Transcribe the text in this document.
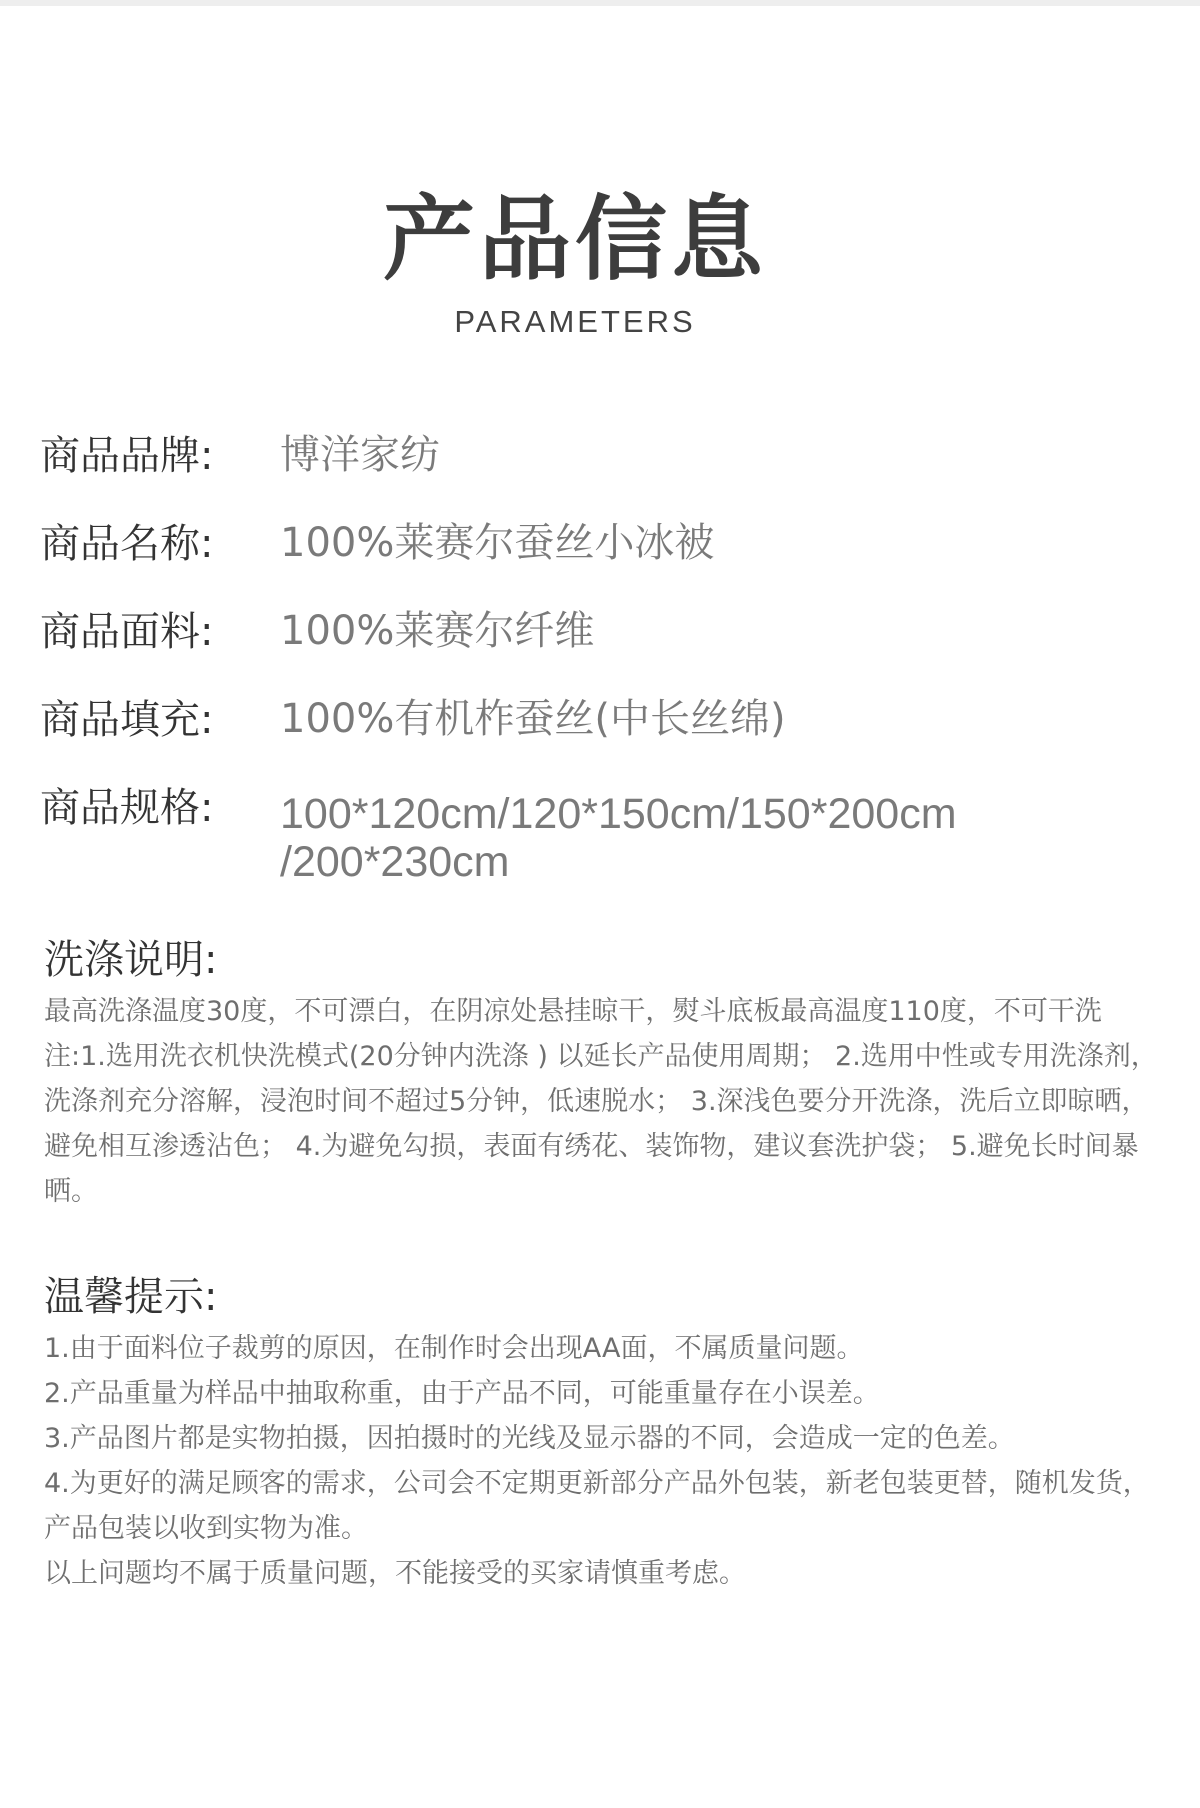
产品信息
PARAMETERS
商品品牌:	博洋家纺
商品名称:	100%莱赛尔蚕丝小冰被
商品面料:	100%莱赛尔纤维
商品填充:	100%有机柞蚕丝(中长丝绵)
商品规格:	100*120cm/120*150cm/150*200cm
/200*230cm
洗涤说明:
最高洗涤温度30度，不可漂白，在阴凉处悬挂晾干，熨斗底板最高温度110度，不可干洗 注:1.选用洗衣机快洗模式(20分钟内洗涤 ) 以延长产品使用周期； 2.选用中性或专用洗涤剂，洗涤剂充分溶解，浸泡时间不超过5分钟，低速脱水； 3.深浅色要分开洗涤，洗后立即晾晒，避免相互渗透沾色； 4.为避免勾损，表面有绣花、装饰物，建议套洗护袋； 5.避免长时间暴晒。
温馨提示:
1.由于面料位子裁剪的原因，在制作时会出现AA面，不属质量问题。
2.产品重量为样品中抽取称重，由于产品不同，可能重量存在小误差。
3.产品图片都是实物拍摄，因拍摄时的光线及显示器的不同，会造成一定的色差。
4.为更好的满足顾客的需求，公司会不定期更新部分产品外包装，新老包装更替，随机发货，产品包装以收到实物为准。
以上问题均不属于质量问题，不能接受的买家请慎重考虑。
